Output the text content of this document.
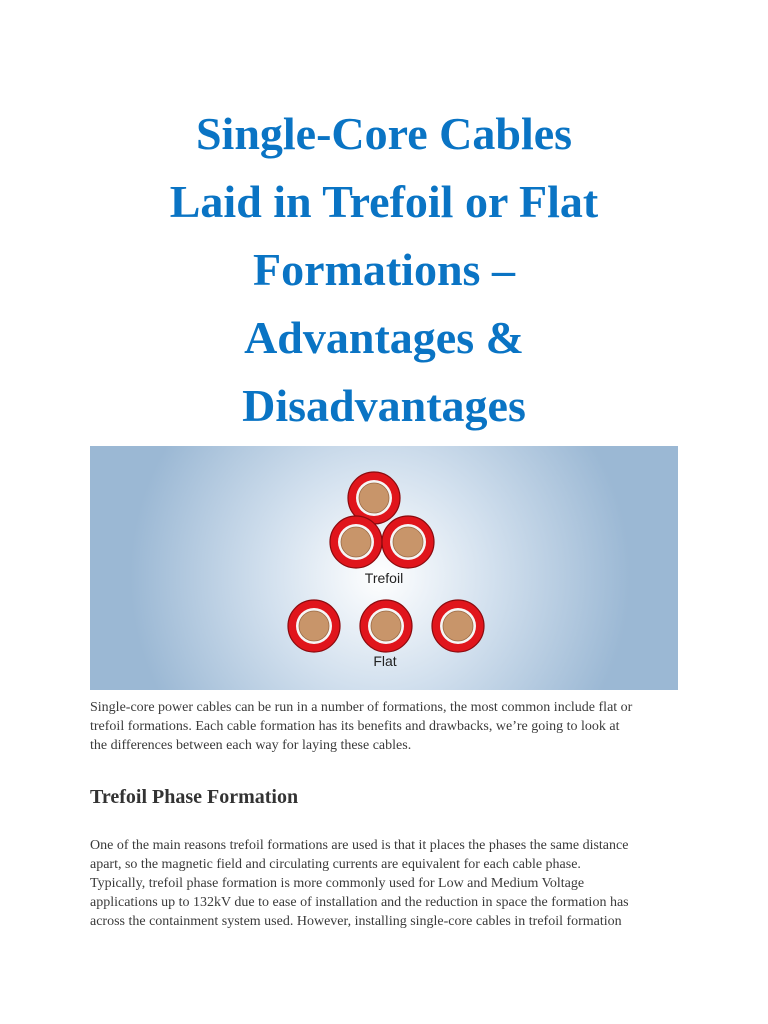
Single-Core Cables
Laid in Trefoil or Flat
Formations –
Advantages &
Disadvantages
Trefoil
Flat

Single-core power cables can be run in a number of formations, the most common include flat or
trefoil formations. Each cable formation has its benefits and drawbacks, we’re going to look at
the differences between each way for laying these cables.

Trefoil Phase Formation

One of the main reasons trefoil formations are used is that it places the phases the same distance
apart, so the magnetic field and circulating currents are equivalent for each cable phase.
Typically, trefoil phase formation is more commonly used for Low and Medium Voltage
applications up to 132kV due to ease of installation and the reduction in space the formation has
across the containment system used. However, installing single-core cables in trefoil formation
